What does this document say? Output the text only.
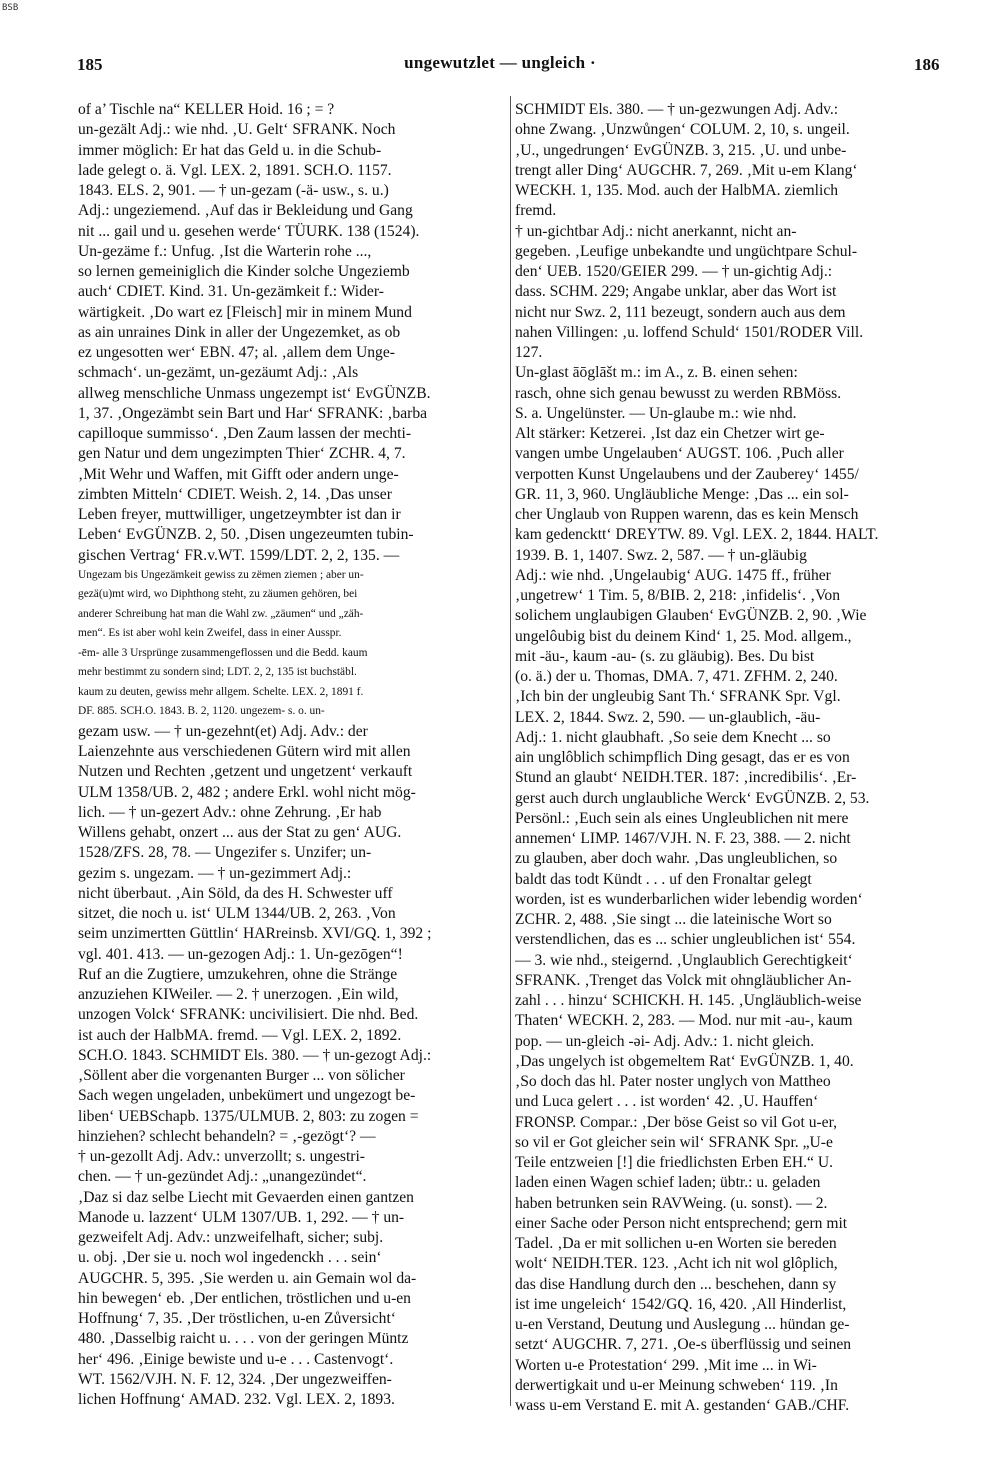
BSB
185	ungewutzlet — ungleich ·	186
of a’ Tischle na“ KELLER Hoid. 16 ; = ?
un-gezält Adj.: wie nhd. ‚U. Gelt‘ SFRANK. Noch
immer möglich: Er hat das Geld u. in die Schub-
lade gelegt o. ä. Vgl. LEX. 2, 1891. SCH.O. 1157.
1843. ELS. 2, 901. — † un-gezam (-ä- usw., s. u.)
Adj.: ungeziemend. ‚Auf das ir Bekleidung und Gang
nit ... gail und u. gesehen werde‘ TÜURK. 138 (1524).
Un-gezäme f.: Unfug. ‚Ist die Warterin rohe ...,
so lernen gemeiniglich die Kinder solche Ungeziemb
auch‘ CDIET. Kind. 31. Un-gezämkeit f.: Wider-
wärtigkeit. ‚Do wart ez [Fleisch] mir in minem Mund
as ain unraines Dink in aller der Ungezemket, as ob
ez ungesotten wer‘ EBN. 47; al. ‚allem dem Unge-
schmach‘. un-gezämt, un-gezäumt Adj.: ‚Als
allweg menschliche Unmass ungezempt ist‘ EvGÜNZB.
1, 37. ‚Ongezämbt sein Bart und Har‘ SFRANK: ‚barba
capilloque summisso‘. ‚Den Zaum lassen der mechti-
gen Natur und dem ungezimpten Thier‘ ZCHR. 4, 7.
‚Mit Wehr und Waffen, mit Gifft oder andern unge-
zimbten Mitteln‘ CDIET. Weish. 2, 14. ‚Das unser
Leben freyer, muttwilliger, ungetzeymbter ist dan ir
Leben‘ EvGÜNZB. 2, 50. ‚Disen ungezeumten tubin-
gischen Vertrag‘ FR.v.WT. 1599/LDT. 2, 2, 135. —
Ungezam bis Ungezämkeit gewiss zu zëmen ziemen ; aber un-
gezä(u)mt wird, wo Diphthong steht, zu zäumen gehören, bei
anderer Schreibung hat man die Wahl zw. „zäumen“ und „zäh-
men“. Es ist aber wohl kein Zweifel, dass in einer Ausspr.
-ēm- alle 3 Ursprünge zusammengeflossen und die Bedd. kaum
mehr bestimmt zu sondern sind; LDT. 2, 2, 135 ist buchstäbl.
kaum zu deuten, gewiss mehr allgem. Schelte. LEX. 2, 1891 f.
DF. 885. SCH.O. 1843. B. 2, 1120. ungezem- s. o. un-
gezam usw. — † un-gezehnt(et) Adj. Adv.: der
Laienzehnte aus verschiedenen Gütern wird mit allen
Nutzen und Rechten ‚getzent und ungetzent‘ verkauft
ULM 1358/UB. 2, 482 ; andere Erkl. wohl nicht mög-
lich. — † un-gezert Adv.: ohne Zehrung. ‚Er hab
Willens gehabt, onzert ... aus der Stat zu gen‘ AUG.
1528/ZFS. 28, 78. — Ungezifer s. Unzifer; un-
gezim s. ungezam. — † un-gezimmert Adj.:
nicht überbaut. ‚Ain Söld, da des H. Schwester uff
sitzet, die noch u. ist‘ ULM 1344/UB. 2, 263. ‚Von
seim unzimertten Güttlin‘ HARreinsb. XVI/GQ. 1, 392 ;
vgl. 401. 413. — un-gezogen Adj.: 1. Un-gezōgen“!
Ruf an die Zugtiere, umzukehren, ohne die Stränge
anzuziehen KIWeiler. — 2. † unerzogen. ‚Ein wild,
unzogen Volck‘ SFRANK: uncivilisiert. Die nhd. Bed.
ist auch der HalbMA. fremd. — Vgl. LEX. 2, 1892.
SCH.O. 1843. SCHMIDT Els. 380. — † un-gezogt Adj.:
‚Söllent aber die vorgenanten Burger ... von sölicher
Sach wegen ungeladen, unbekümert und ungezogt be-
liben‘ UEBSchapb. 1375/ULMUB. 2, 803: zu zogen =
hinziehen? schlecht behandeln? = ‚-gezögt‘? —
† un-gezollt Adj. Adv.: unverzollt; s. ungestri-
chen. — † un-gezündet Adj.: „unangezündet“.
‚Daz si daz selbe Liecht mit Gevaerden einen gantzen
Manode u. lazzent‘ ULM 1307/UB. 1, 292. — † un-
gezweifelt Adj. Adv.: unzweifelhaft, sicher; subj.
u. obj. ‚Der sie u. noch wol ingedenckh . . . sein‘
AUGCHR. 5, 395. ‚Sie werden u. ain Gemain wol da-
hin bewegen‘ eb. ‚Der entlichen, tröstlichen und u-en
Hoffnung‘ 7, 35. ‚Der tröstlichen, u-en Zůversicht‘
480. ‚Dasselbig raicht u. . . . von der geringen Müntz
her‘ 496. ‚Einige bewiste und u-e . . . Castenvogt‘.
WT. 1562/VJH. N. F. 12, 324. ‚Der ungezweiffen-
lichen Hoffnung‘ AMAD. 232. Vgl. LEX. 2, 1893.
SCHMIDT Els. 380. — † un-gezwungen Adj. Adv.:
ohne Zwang. ‚Unzwůngen‘ COLUM. 2, 10, s. ungeil.
‚U., ungedrungen‘ EvGÜNZB. 3, 215. ‚U. und unbe-
trengt aller Ding‘ AUGCHR. 7, 269. ‚Mit u-em Klang‘
WECKH. 1, 135. Mod. auch der HalbMA. ziemlich
fremd.
† un-gichtbar Adj.: nicht anerkannt, nicht an-
gegeben. ‚Leufige unbekandte und ungüchtpare Schul-
den‘ UEB. 1520/GEIER 299. — † un-gichtig Adj.:
dass. SCHM. 229; Angabe unklar, aber das Wort ist
nicht nur Swz. 2, 111 bezeugt, sondern auch aus dem
nahen Villingen: ‚u. loffend Schuld‘ 1501/RODER Vill.
127.
Un-glast āōglāšt m.: im A., z. B. einen sehen:
rasch, ohne sich genau bewusst zu werden RBMöss.
S. a. Ungelünster. — Un-glaube m.: wie nhd.
Alt stärker: Ketzerei. ‚Ist daz ein Chetzer wirt ge-
vangen umbe Ungelauben‘ AUGST. 106. ‚Puch aller
verpotten Kunst Ungelaubens und der Zauberey‘ 1455/
GR. 11, 3, 960. Ungläubliche Menge: ‚Das ... ein sol-
cher Unglaub von Ruppen warenn, das es kein Mensch
kam gedencktt‘ DREYTW. 89. Vgl. LEX. 2, 1844. HALT.
1939. B. 1, 1407. Swz. 2, 587. — † un-gläubig
Adj.: wie nhd. ‚Ungelaubig‘ AUG. 1475 ff., früher
‚ungetrew‘ 1 Tim. 5, 8/BIB. 2, 218: ‚infidelis‘. ‚Von
solichem unglaubigen Glauben‘ EvGÜNZB. 2, 90. ‚Wie
ungelôubig bist du deinem Kind‘ 1, 25. Mod. allgem.,
mit -äu-, kaum -au- (s. zu gläubig). Bes. Du bist
(o. ä.) der u. Thomas, DMA. 7, 471. ZFHM. 2, 240.
‚Ich bin der ungleubig Sant Th.‘ SFRANK Spr. Vgl.
LEX. 2, 1844. Swz. 2, 590. — un-glaublich, -äu-
Adj.: 1. nicht glaubhaft. ‚So seie dem Knecht ... so
ain unglôblich schimpflich Ding gesagt, das er es von
Stund an glaubt‘ NEIDH.TER. 187: ‚incredibilis‘. ‚Er-
gerst auch durch unglaubliche Werck‘ EvGÜNZB. 2, 53.
Persönl.: ‚Euch sein als eines Ungleublichen nit mere
annemen‘ LIMP. 1467/VJH. N. F. 23, 388. — 2. nicht
zu glauben, aber doch wahr. ‚Das ungleublichen, so
baldt das todt Kündt . . . uf den Fronaltar gelegt
worden, ist es wunderbarlichen wider lebendig worden‘
ZCHR. 2, 488. ‚Sie singt ... die lateinische Wort so
verstendlichen, das es ... schier ungleublichen ist‘ 554.
— 3. wie nhd., steigernd. ‚Unglaublich Gerechtigkeit‘
SFRANK. ‚Trenget das Volck mit ohngläublicher An-
zahl . . . hinzu‘ SCHICKH. H. 145. ‚Ungläublich-weise
Thaten‘ WECKH. 2, 283. — Mod. nur mit -au-, kaum
pop. — un-gleich -əi- Adj. Adv.: 1. nicht gleich.
‚Das ungelych ist obgemeltem Rat‘ EvGÜNZB. 1, 40.
‚So doch das hl. Pater noster unglych von Mattheo
und Luca gelert . . . ist worden‘ 42. ‚U. Hauffen‘
FRONSP. Compar.: ‚Der böse Geist so vil Got u-er,
so vil er Got gleicher sein wil‘ SFRANK Spr. „U-e
Teile entzweien [!] die friedlichsten Erben EH.“ U.
laden einen Wagen schief laden; übtr.: u. geladen
haben betrunken sein RAVWeing. (u. sonst). — 2.
einer Sache oder Person nicht entsprechend; gern mit
Tadel. ‚Da er mit sollichen u-en Worten sie bereden
wolt‘ NEIDH.TER. 123. ‚Acht ich nit wol glôplich,
das dise Handlung durch den ... beschehen, dann sy
ist ime ungeleich‘ 1542/GQ. 16, 420. ‚All Hinderlist,
u-en Verstand, Deutung und Auslegung ... hündan ge-
setzt‘ AUGCHR. 7, 271. ‚Oe-s überflüssig und seinen
Worten u-e Protestation‘ 299. ‚Mit ime ... in Wi-
derwertigkait und u-er Meinung schweben‘ 119. ‚In
wass u-em Verstand E. mit A. gestanden‘ GAB./CHF.
